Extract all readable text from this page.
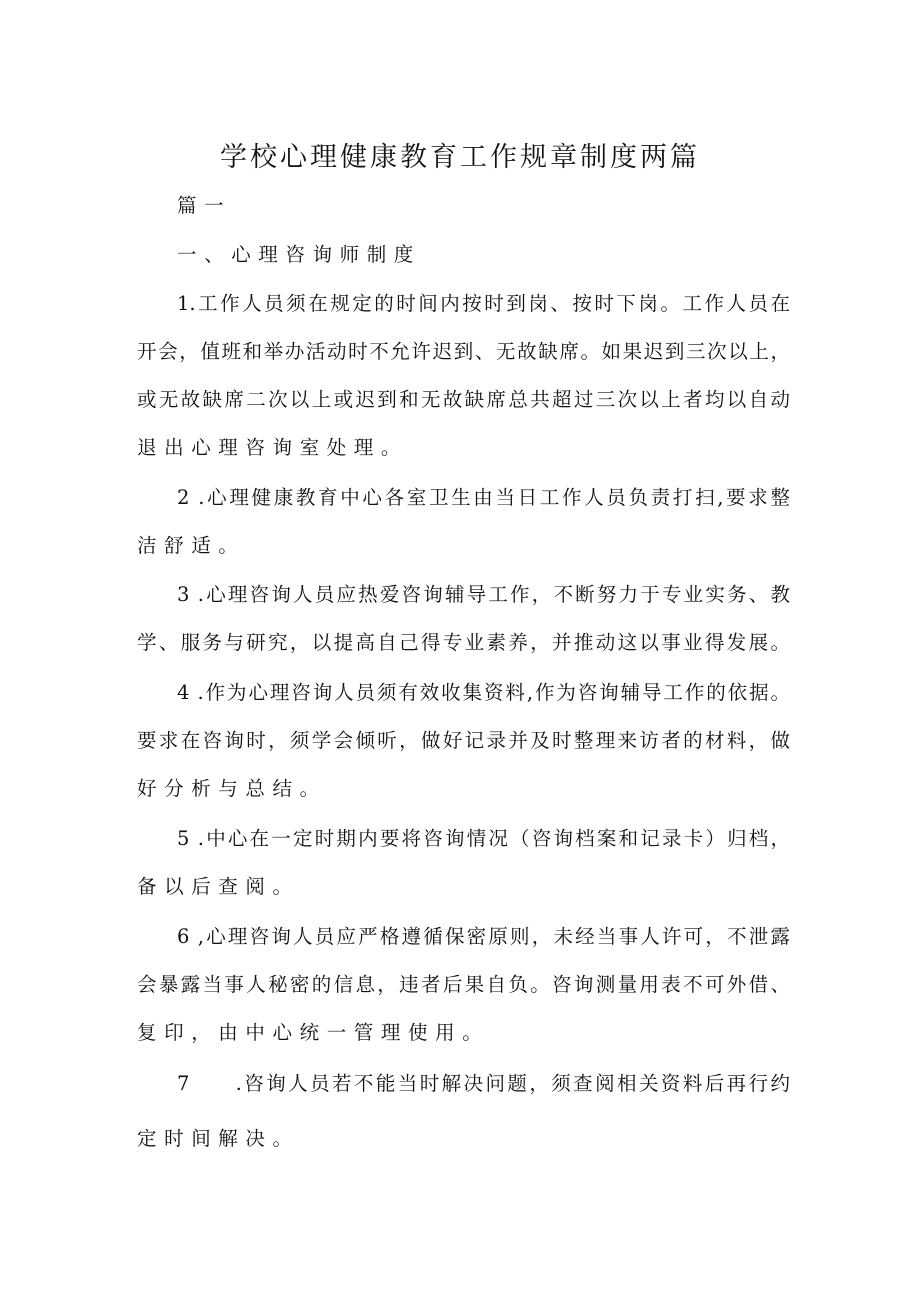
学校心理健康教育工作规章制度两篇
篇一
一、心理咨询师制度
1.工作人员须在规定的时间内按时到岗、按时下岗。工作人员在
开会，值班和举办活动时不允许迟到、无故缺席。如果迟到三次以上，
或无故缺席二次以上或迟到和无故缺席总共超过三次以上者均以自动
退出心理咨询室处理。
2 .心理健康教育中心各室卫生由当日工作人员负责打扫,要求整
洁舒适。
3 .心理咨询人员应热爱咨询辅导工作，不断努力于专业实务、教
学、服务与研究，以提高自己得专业素养，并推动这以事业得发展。
4 .作为心理咨询人员须有效收集资料,作为咨询辅导工作的依据。
要求在咨询时，须学会倾听，做好记录并及时整理来访者的材料，做
好分析与总结。
5 .中心在一定时期内要将咨询情况（咨询档案和记录卡）归档，
备以后查阅。
6 ,心理咨询人员应严格遵循保密原则，未经当事人许可，不泄露
会暴露当事人秘密的信息，违者后果自负。咨询测量用表不可外借、
复印，由中心统一管理使用。
7　　.咨询人员若不能当时解决问题，须查阅相关资料后再行约
定时间解决。
